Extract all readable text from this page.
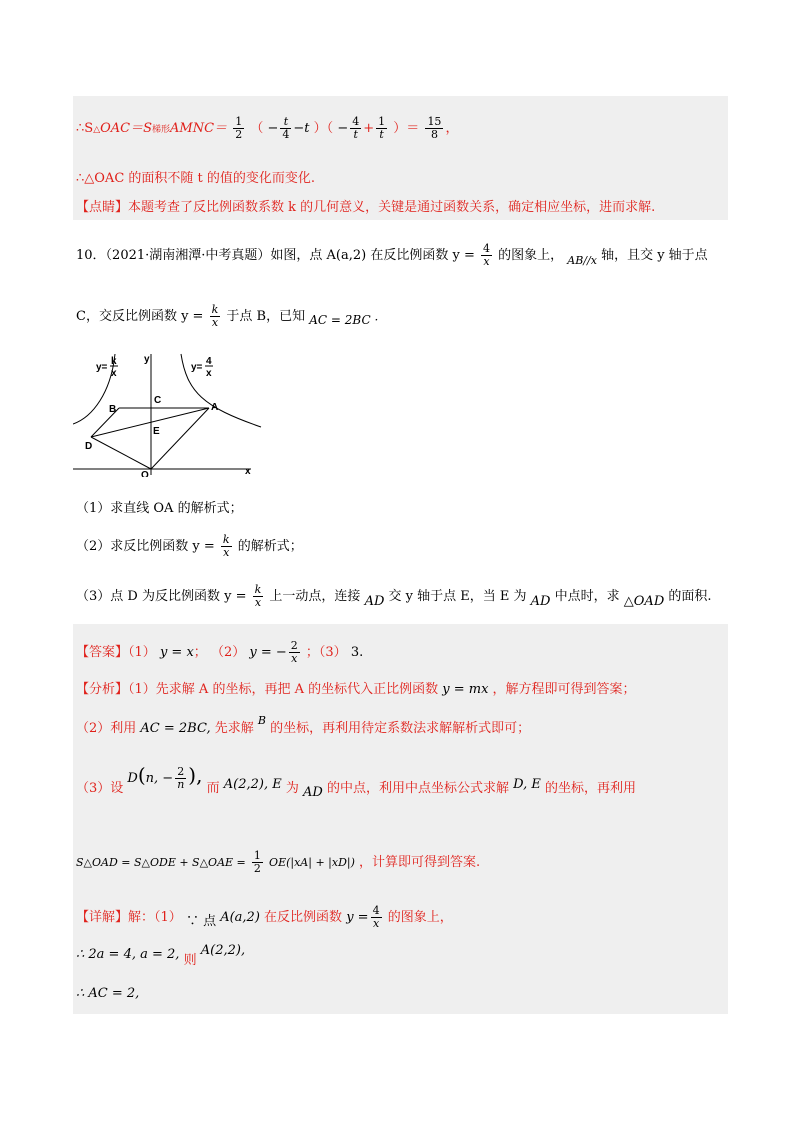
∴S△OAC＝S梯形AMNC＝ $\frac{1}{2}$ （ − $\frac{t}{4} -t$ ）（ − $\frac{4}{t} + \frac{1}{t}$ ）＝ $\frac{15}{8}$ ，
∴△OAC 的面积不随 t 的值的变化而变化.
【点睛】本题考查了反比例函数系数 k 的几何意义，关键是通过函数关系，确定相应坐标，进而求解.
10．（2021·湖南湘潭·中考真题）如图，点 A(a,2) 在反比例函数 $y = \frac{4}{x}$ 的图象上， $_{AB//x}$ 轴，且交 y 轴于点
C，交反比例函数 $y = \frac{k}{x}$ 于点 B，已知 AC = 2BC ·
y=
k
x
y=
4
x
B
C
A
E
D
O	x
y
（1）求直线 OA 的解析式；
（2）求反比例函数 $y = \frac{k}{x}$ 的解析式；
（3）点 D 为反比例函数 $y = \frac{k}{x}$ 上一动点，连接 AD 交 y 轴于点 E，当 E 为 AD 中点时，求 △OAD 的面积.
【答案】（1） y = x； （2） y = − $\frac{2}{x}$ ；（3） 3.
【分析】（1）先求解 A 的坐标，再把 A 的坐标代入正比例函数 y = mx ，解方程即可得到答案；
（2）利用 AC = 2BC, 先求解 $^B$ 的坐标，再利用待定系数法求解解析式即可；
（3）设 D(n, − $\frac{2}{n}$ ), 而 A(2,2), E 为 AD 的中点，利用中点坐标公式求解 D, E 的坐标，再利用
S△OAD = S△ODE + S△OAE = $\frac{1}{2} OE(|xA| + |xD|)$ ，计算即可得到答案.
【详解】解：（1） ∵ 点 A(a,2) 在反比例函数 $y = \frac{4}{x}$ 的图象上，
∴ 2a = 4, a = 2, 则 A(2,2),
∴ AC = 2,
